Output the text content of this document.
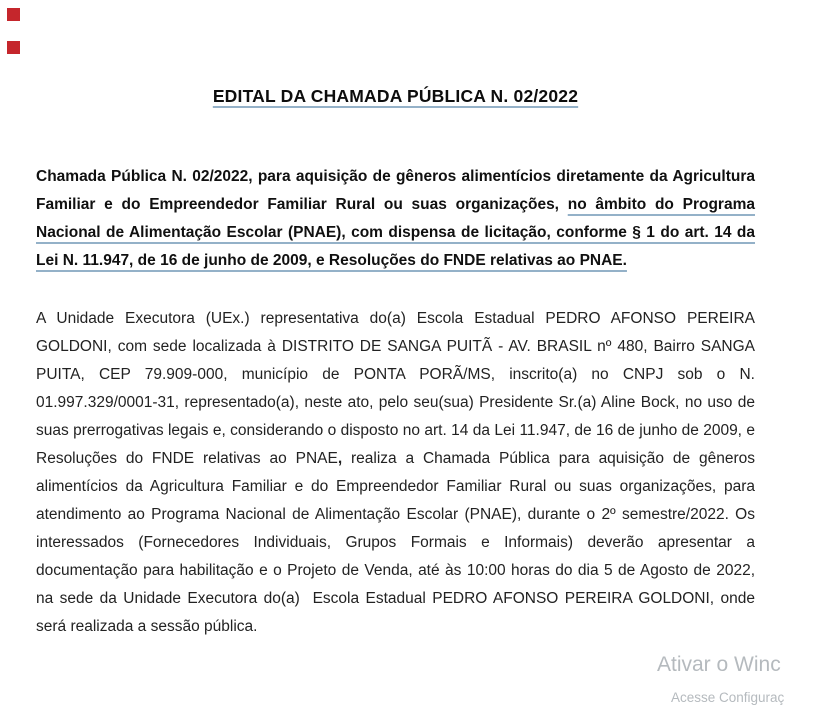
EDITAL DA CHAMADA PÚBLICA N. 02/2022

Chamada Pública N. 02/2022, para aquisição de gêneros alimentícios diretamente da Agricultura Familiar e do Empreendedor Familiar Rural ou suas organizações, no âmbito do Programa Nacional de Alimentação Escolar (PNAE), com dispensa de licitação, conforme § 1 do art. 14 da Lei N. 11.947, de 16 de junho de 2009, e Resoluções do FNDE relativas ao PNAE.

A Unidade Executora (UEx.) representativa do(a) Escola Estadual PEDRO AFONSO PEREIRA GOLDONI, com sede localizada à DISTRITO DE SANGA PUITÃ - AV. BRASIL nº 480, Bairro SANGA PUITA, CEP 79.909-000, município de PONTA PORÃ/MS, inscrito(a) no CNPJ sob o N. 01.997.329/0001-31, representado(a), neste ato, pelo seu(sua) Presidente Sr.(a) Aline Bock, no uso de suas prerrogativas legais e, considerando o disposto no art. 14 da Lei 11.947, de 16 de junho de 2009, e Resoluções do FNDE relativas ao PNAE, realiza a Chamada Pública para aquisição de gêneros alimentícios da Agricultura Familiar e do Empreendedor Familiar Rural ou suas organizações, para atendimento ao Programa Nacional de Alimentação Escolar (PNAE), durante o 2º semestre/2022. Os interessados (Fornecedores Individuais, Grupos Formais e Informais) deverão apresentar a documentação para habilitação e o Projeto de Venda, até às 10:00 horas do dia 5 de Agosto de 2022, na sede da Unidade Executora do(a)  Escola Estadual PEDRO AFONSO PEREIRA GOLDONI, onde será realizada a sessão pública.

Ativar o Winc
Acesse Configuraç
